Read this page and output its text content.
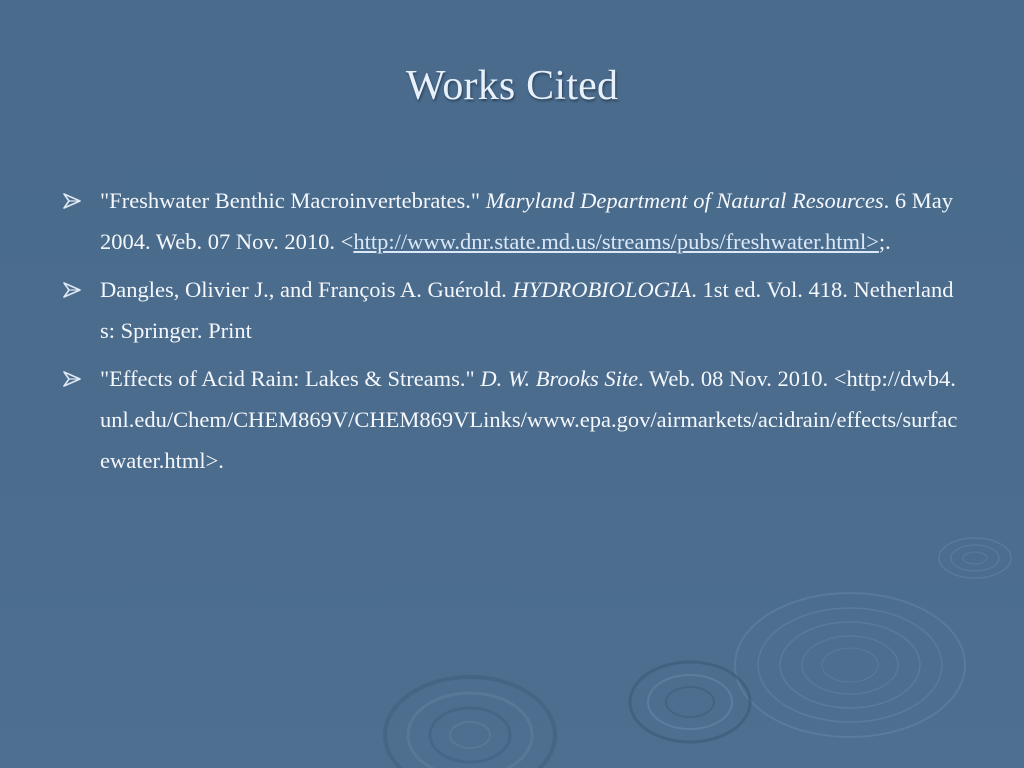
Works Cited
"Freshwater Benthic Macroinvertebrates." Maryland Department of Natural Resources. 6 May 2004. Web. 07 Nov. 2010. <http://www.dnr.state.md.us/streams/pubs/freshwater.html>;.
Dangles, Olivier J., and François A. Guérold. HYDROBIOLOGIA. 1st ed. Vol. 418. Netherlands: Springer. Print
"Effects of Acid Rain: Lakes & Streams." D. W. Brooks Site. Web. 08 Nov. 2010. <http://dwb4.unl.edu/Chem/CHEM869V/CHEM869VLinks/www.epa.gov/airmarkets/acidrain/effects/surfacewater.html>.
